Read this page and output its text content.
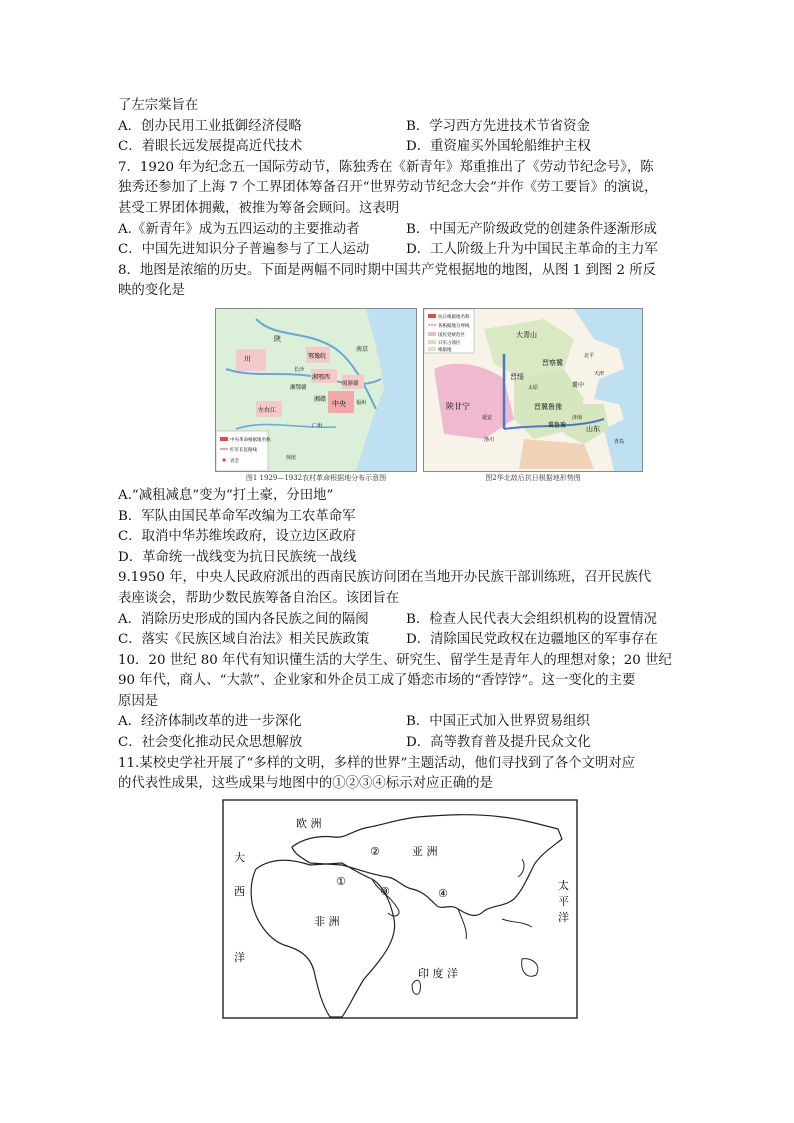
了左宗棠旨在
A．创办民用工业抵御经济侵略	B．学习西方先进技术节省资金
C．着眼长远发展提高近代技术	D．重资雇买外国轮船维护主权
7．1920 年为纪念五一国际劳动节，陈独秀在《新青年》郑重推出了《劳动节纪念号》，陈
独秀还参加了上海 7 个工界团体筹备召开“世界劳动节纪念大会”并作《劳工要旨》的演说，
甚受工界团体拥戴，被推为筹备会顾问。这表明
A.《新青年》成为五四运动的主要推动者	B．中国无产阶级政党的创建条件逐渐形成
C．中国先进知识分子普遍参与了工人运动	D．工人阶级上升为中国民主革命的主力军
8．地图是浓缩的历史。下面是两幅不同时期中国共产党根据地的地图，从图 1 到图 2 所反
映的变化是
中央革命根据地名称
红军长征路线
省会
川
陕
鄂豫皖
湘鄂西
湘赣
中央
闽浙赣
湘鄂赣
左右江
南京
长沙
琼崖
广州
福州
图1 1929—1932农村革命根据地分布示意图
抗日根据地名称
各根据地分界线
国民党统治区
日军占领区
根据地
大青山
晋察冀
晋绥
陕甘宁	晋冀鲁豫
山东
冀中
冀鲁豫
北平
天津
延安
太原
济南
青岛
洛川
图2华北敌后抗日根据地形势图
A.“减租减息”变为“打土豪，分田地”
B．军队由国民革命军改编为工农革命军
C．取消中华苏维埃政府，设立边区政府
D．革命统一战线变为抗日民族统一战线
9.1950 年，中央人民政府派出的西南民族访问团在当地开办民族干部训练班，召开民族代
表座谈会，帮助少数民族筹备自治区。该团旨在
A．消除历史形成的国内各民族之间的隔阂	B．检查人民代表大会组织机构的设置情况
C．落实《民族区域自治法》相关民族政策	D．清除国民党政权在边疆地区的军事存在
10．20 世纪 80 年代有知识懂生活的大学生、研究生、留学生是青年人的理想对象；20 世纪
90 年代，商人、“大款”、企业家和外企员工成了婚恋市场的“香饽饽”。这一变化的主要
原因是
A．经济体制改革的进一步深化	B．中国正式加入世界贸易组织
C．社会变化推动民众思想解放	D．高等教育普及提升民众文化
11.某校史学社开展了“多样的文明，多样的世界”主题活动，他们寻找到了各个文明对应
的代表性成果，这些成果与地图中的①②③④标示对应正确的是
欧 洲
亚 洲
非 洲
大
西
洋
太
平
洋
印 度 洋
①
②
③	④
